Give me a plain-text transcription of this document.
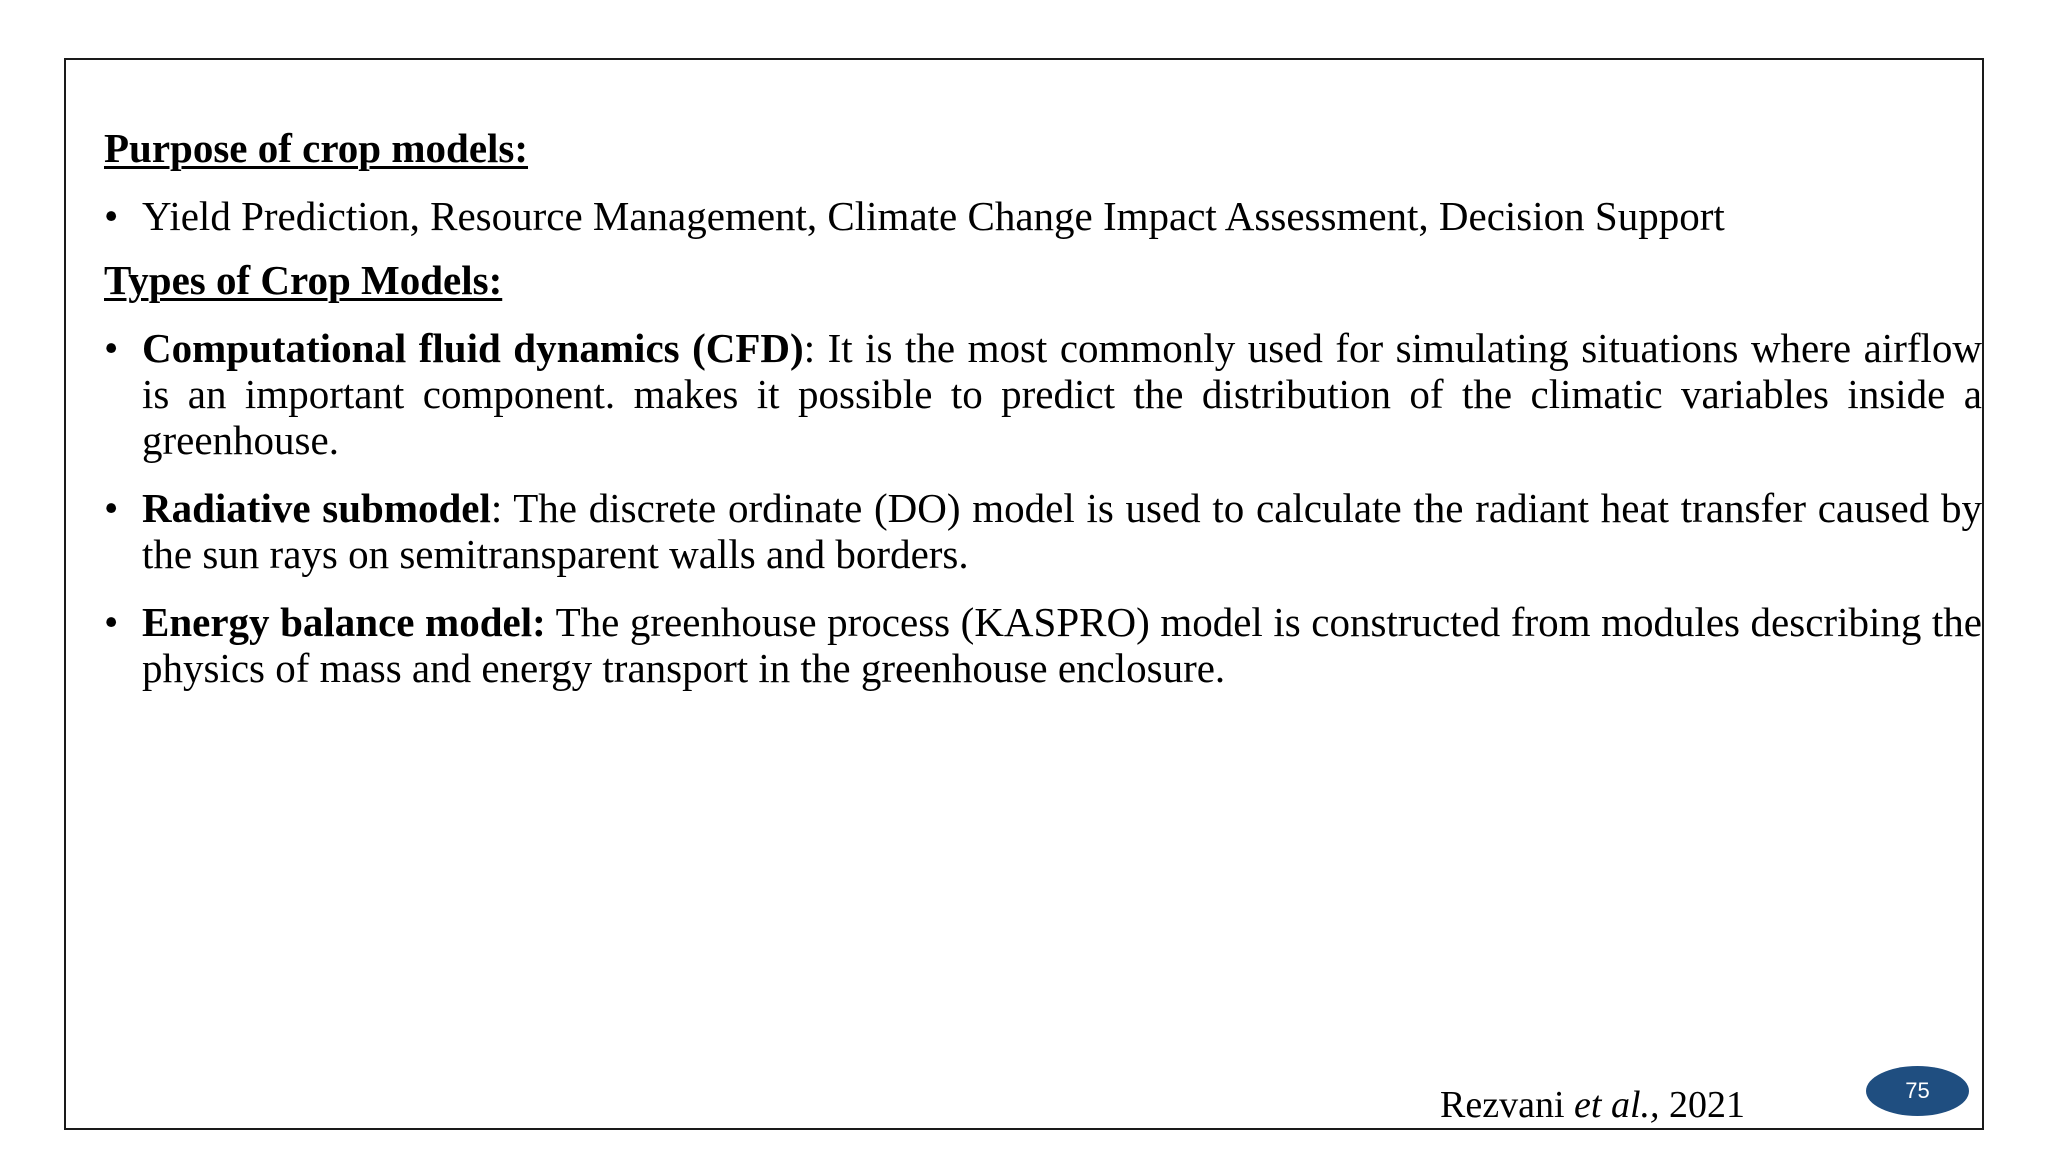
Purpose of crop models:

• Yield Prediction, Resource Management, Climate Change Impact Assessment, Decision Support

Types of Crop Models:

• Computational fluid dynamics (CFD): It is the most commonly used for simulating situations where airflow is an important component. makes it possible to predict the distribution of the climatic variables inside a greenhouse.
• Radiative submodel: The discrete ordinate (DO) model is used to calculate the radiant heat transfer caused by the sun rays on semitransparent walls and borders.
• Energy balance model: The greenhouse process (KASPRO) model is constructed from modules describing the physics of mass and energy transport in the greenhouse enclosure.
Rezvani et al., 2021	75
